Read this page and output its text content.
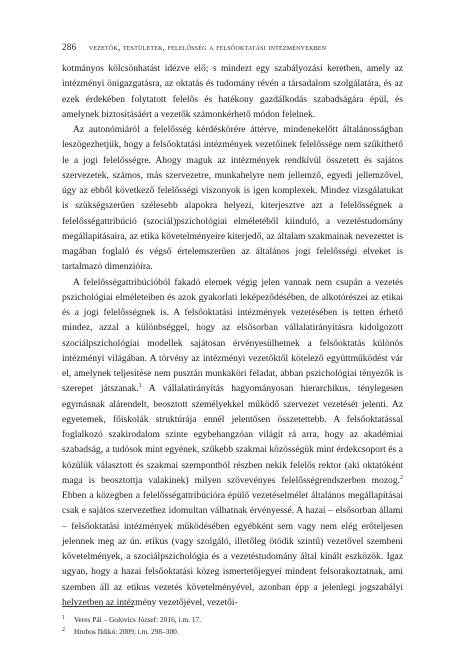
286 vezetők, testületek, felelősség a felsőoktatási intézményekben

kotmányos kölcsönhatást idézve elő; s mindezt egy szabályozási keretben, amely az intézményi önigazgatásra, az oktatás és tudomány révén a társadalom szolgálatára, és az ezek érdekében folytatott felelős és hatékony gazdálkodás szabadságára épül, és amelynek biztosításáért a vezetők számonkérhető módon felelnek.

Az autonómiáról a felelősség kérdéskörére áttérve, mindenekelőtt általánosságban leszögezhetjük, hogy a felsőoktatási intézmények vezetőinek felelőssége nem szűkíthető le a jogi felelősségre. Ahogy maguk az intézmények rendkívül összetett és sajátos szervezetek, számos, más szervezetre, munkahelyre nem jellemző, egyedi jellemzővel, úgy az ebből következő felelősségi viszonyok is igen komplexek. Mindez vizsgálatukat is szükségszerűen szélesebb alapokra helyezi, kiterjesztve azt a felelősségnek a felelősségattribúció (szociál)pszichológiai elméletéből kiinduló, a vezetéstudomány megállapításaira, az etika követelményeire kiterjedő, az általam szakmainak nevezettet is magában foglaló és végső értelemszerűen az általános jogi felelősségi elveket is tartalmazó dimenzióira.

A felelősségattribúcióból fakadó elemek végig jelen vannak nem csupán a vezetés pszichológiai elméleteiben és azok gyakorlati leképeződésében, de alkotórészei az etikai és a jogi felelősségnek is. A felsőoktatási intézmények vezetésében is tetten érhető mindez, azzal a különbséggel, hogy az elsősorban vállalatirányításra kidolgozott szociálpszichológiai modellek sajátosan érvényesülhetnek a felsőoktatás különös intézményi világában. A törvény az intézményi vezetőktől kötelező együttműködést vár el, amelynek teljesítése nem pusztán munkaköri feladat, abban pszichológiai tényezők is szerepet játszanak.$^1$ A vállalatirányítás hagyományosan hierarchikus, ténylegesen egymásnak alárendelt, beosztott személyekkel működő szervezet vezetését jelenti. Az egyetemek, főiskolák struktúrája ennél jelentősen összetettebb. A felsőoktatással foglalkozó szakirodalom szinte egybehangzóan világít rá arra, hogy az akadémiai szabadság, a tudósok mint egyének, szűkebb szakmai közösségük mint érdekcsoport és a közülük választott és szakmai szempontból részben nekik felelős rektor (aki oktatóként maga is beosztottja valakinek) milyen szövevényes felelősségrendszerben mozog.$^2$ Ebben a közegben a felelősségattribúcióra épülő vezetéselmélet általános megállapításai csak e sajátos szervezethez idomultan válhatnak érvényessé. A hazai – elsősorban állami – felsőoktatási intézmények működésében egyébként sem vagy nem elég erőteljesen jelennek meg az ún. etikus (vagy szolgáló, illetőleg ötödik szintű) vezetővel szembeni követelmények, a szociálpszichológia és a vezetéstudomány által kínált eszközök. Igaz ugyan, hogy a hazai felsőoktatási közeg ismertetőjegyei mindent felsorakoztatnak, ami szemben áll az etikus vezetés követelményével, azonban épp a jelenlegi jogszabályi helyzetben az intézmény vezetőjével, vezetői-

1	Veres Pál – Golovics József: 2016, i.m. 17.
2	Hrubos Ildikó: 2009, i.m. 298–300.
